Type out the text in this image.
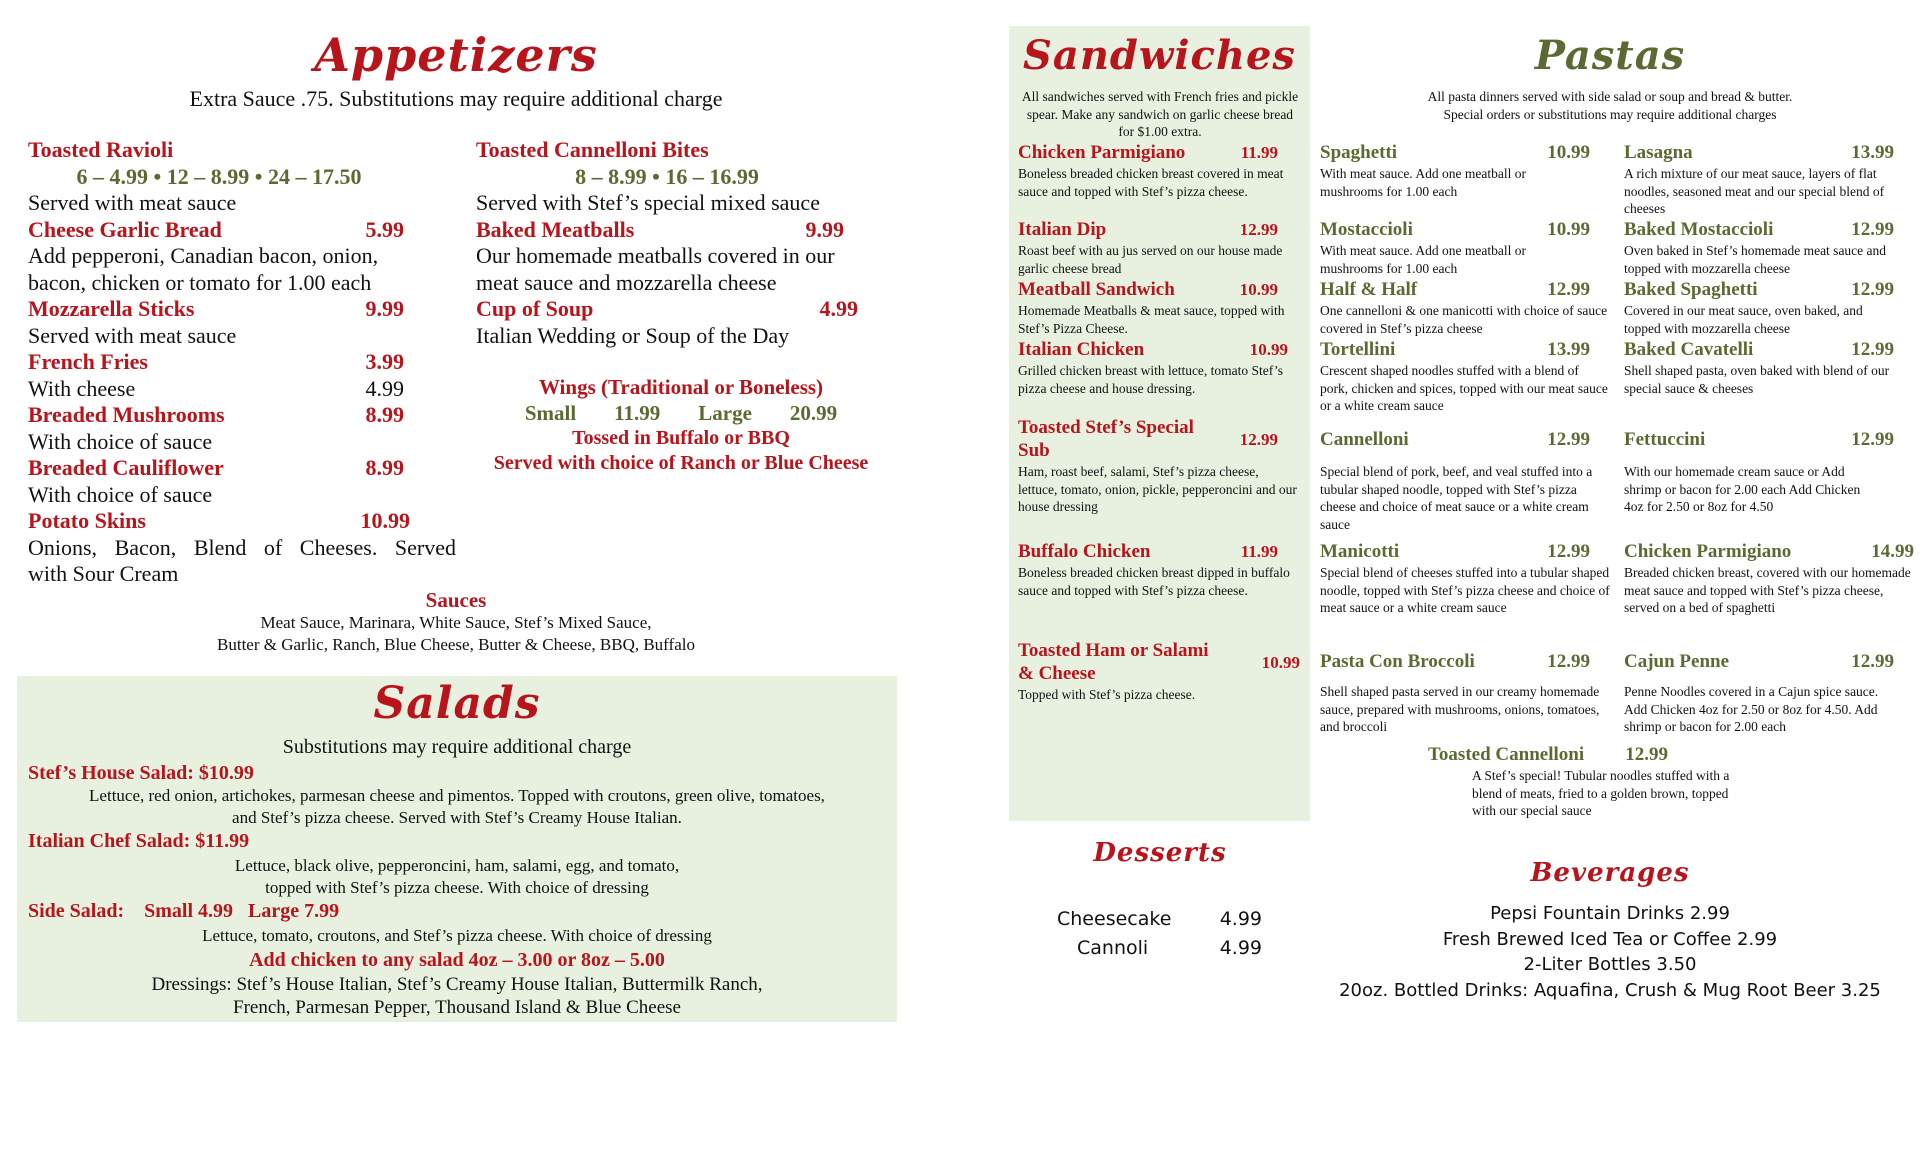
Appetizers
Extra Sauce .75. Substitutions may require additional charge
Toasted Ravioli
6 – 4.99 • 12 – 8.99 • 24 – 17.50
Served with meat sauce
Cheese Garlic Bread	5.99
Add pepperoni, Canadian bacon, onion, bacon, chicken or tomato for 1.00 each
Mozzarella Sticks	9.99
Served with meat sauce
French Fries	3.99
With cheese	4.99
Breaded Mushrooms	8.99
With choice of sauce
Breaded Cauliflower	8.99
With choice of sauce
Potato Skins	10.99
Onions, Bacon, Blend of Cheeses. Served
with Sour Cream
Toasted Cannelloni Bites
8 – 8.99 • 16 – 16.99
Served with Stef’s special mixed sauce
Baked Meatballs	9.99
Our homemade meatballs covered in our meat sauce and mozzarella cheese
Cup of Soup	4.99
Italian Wedding or Soup of the Day
Wings (Traditional or Boneless)
Small 11.99 Large 20.99
Tossed in Buffalo or BBQ
Served with choice of Ranch or Blue Cheese
Sauces
Meat Sauce, Marinara, White Sauce, Stef’s Mixed Sauce,
Butter & Garlic, Ranch, Blue Cheese, Butter & Cheese, BBQ, Buffalo
Salads
Substitutions may require additional charge
Stef’s House Salad: $10.99
Lettuce, red onion, artichokes, parmesan cheese and pimentos. Topped with croutons, green olive, tomatoes,
and Stef’s pizza cheese. Served with Stef’s Creamy House Italian.
Italian Chef Salad: $11.99
Lettuce, black olive, pepperoncini, ham, salami, egg, and tomato,
topped with Stef’s pizza cheese. With choice of dressing
Side Salad:    Small 4.99   Large 7.99
Lettuce, tomato, croutons, and Stef’s pizza cheese. With choice of dressing
Add chicken to any salad 4oz – 3.00 or 8oz – 5.00
Dressings: Stef’s House Italian, Stef’s Creamy House Italian, Buttermilk Ranch,
French, Parmesan Pepper, Thousand Island & Blue Cheese
Sandwiches
All sandwiches served with French fries and pickle spear. Make any sandwich on garlic cheese bread for $1.00 extra.
Chicken Parmigiano	11.99
Boneless breaded chicken breast covered in meat sauce and topped with Stef’s pizza cheese.
Italian Dip	12.99
Roast beef with au jus served on our house made garlic cheese bread
Meatball Sandwich	10.99
Homemade Meatballs & meat sauce, topped with Stef’s Pizza Cheese.
Italian Chicken	10.99
Grilled chicken breast with lettuce, tomato Stef’s pizza cheese and house dressing.
Toasted Stef’s Special Sub
12.99
Ham, roast beef, salami, Stef’s pizza cheese, lettuce, tomato, onion, pickle, pepperoncini and our house dressing
Buffalo Chicken	11.99
Boneless breaded chicken breast dipped in buffalo sauce and topped with Stef’s pizza cheese.
Toasted Ham or Salami & Cheese
10.99
Topped with Stef’s pizza cheese.
Pastas
All pasta dinners served with side salad or soup and bread & butter.
Special orders or substitutions may require additional charges
Spaghetti	10.99
With meat sauce. Add one meatball or mushrooms for 1.00 each
Mostaccioli	10.99
With meat sauce. Add one meatball or mushrooms for 1.00 each
Half & Half	12.99
One cannelloni & one manicotti with choice of sauce covered in Stef’s pizza cheese
Tortellini	13.99
Crescent shaped noodles stuffed with a blend of pork, chicken and spices, topped with our meat sauce or a white cream sauce
Cannelloni	12.99
Special blend of pork, beef, and veal stuffed into a tubular shaped noodle, topped with Stef’s pizza cheese and choice of meat sauce or a white cream sauce
Manicotti	12.99
Special blend of cheeses stuffed into a tubular shaped noodle, topped with Stef’s pizza cheese and choice of meat sauce or a white cream sauce
Pasta Con Broccoli	12.99
Shell shaped pasta served in our creamy homemade sauce, prepared with mushrooms, onions, tomatoes, and broccoli
Lasagna	13.99
A rich mixture of our meat sauce, layers of flat noodles, seasoned meat and our special blend of cheeses
Baked Mostaccioli	12.99
Oven baked in Stef’s homemade meat sauce and topped with mozzarella cheese
Baked Spaghetti	12.99
Covered in our meat sauce, oven baked, and topped with mozzarella cheese
Baked Cavatelli	12.99
Shell shaped pasta, oven baked with blend of our special sauce & cheeses
Fettuccini	12.99
With our homemade cream sauce or Add shrimp or bacon for 2.00 each Add Chicken 4oz for 2.50 or 8oz for 4.50
Chicken Parmigiano	14.99
Breaded chicken breast, covered with our homemade meat sauce and topped with Stef’s pizza cheese, served on a bed of spaghetti
Cajun Penne	12.99
Penne Noodles covered in a Cajun spice sauce. Add Chicken 4oz for 2.50 or 8oz for 4.50. Add shrimp or bacon for 2.00 each
Toasted Cannelloni 12.99
A Stef’s special! Tubular noodles stuffed with a blend of meats, fried to a golden brown, topped with our special sauce
Desserts
Cheesecake	4.99
Cannoli	4.99
Beverages
Pepsi Fountain Drinks 2.99
Fresh Brewed Iced Tea or Coffee 2.99
2-Liter Bottles 3.50
20oz. Bottled Drinks: Aquafina, Crush & Mug Root Beer 3.25
